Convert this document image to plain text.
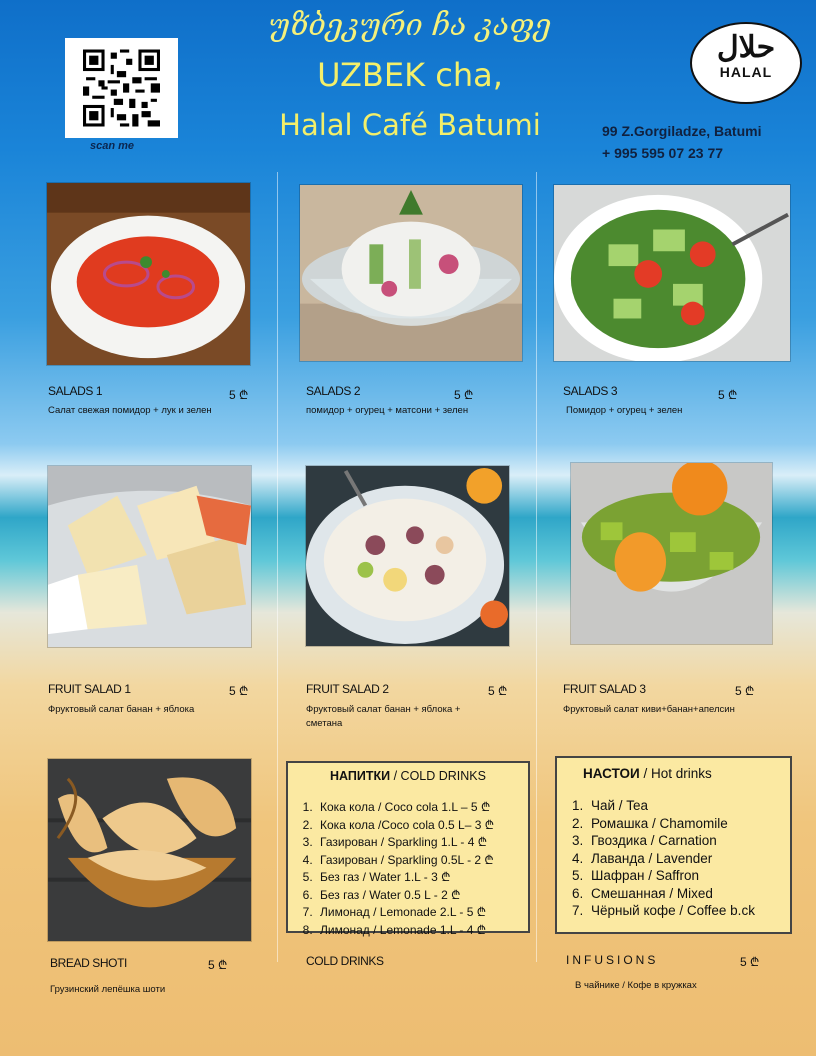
უზბეკური ჩა კაფე
UZBEK cha,
Halal Café Batumi
scan me
حلال
HALAL
99 Z.Gorgiladze, Batumi
+ 995 595 07 23 77
SALADS 1	5 ₾
Салат свежая помидор + лук и зелен
SALADS 2	5 ₾
помидор + огурец + матсони + зелен
SALADS 3	5 ₾
Помидор + огурец + зелен
FRUIT SALAD 1	5 ₾
Фруктовый салат банан + яблока
FRUIT SALAD 2	5 ₾
Фруктовый салат банан + яблока + сметана
FRUIT SALAD 3	5 ₾
Фруктовый салат киви+банан+апелсин
BREAD SHOTI	5 ₾
Грузинский лепёшка шоти
НАПИТКИ / COLD DRINKS
1. Кока кола / Coco cola 1.L – 5 ₾
2. Кока кола /Coco cola 0.5 L– 3 ₾
3. Газирован / Sparkling 1.L - 4 ₾
4. Газирован / Sparkling 0.5L - 2 ₾
5. Без газ / Water 1.L - 3 ₾
6. Без газ / Water 0.5 L - 2 ₾
7. Лимонад / Lemonade 2.L - 5 ₾
8. Лимонад / Lemonade 1.L - 4 ₾
COLD DRINKS
НАСТОИ / Hot drinks
1. Чай / Tea
2. Ромашка / Chamomile
3. Гвоздика / Carnation
4. Лаванда / Lavender
5. Шафран / Saffron
6. Смешанная / Mixed
7. Чёрный кофе / Coffee b.ck
INFUSIONS	5 ₾
В чайнике / Кофе в кружках
